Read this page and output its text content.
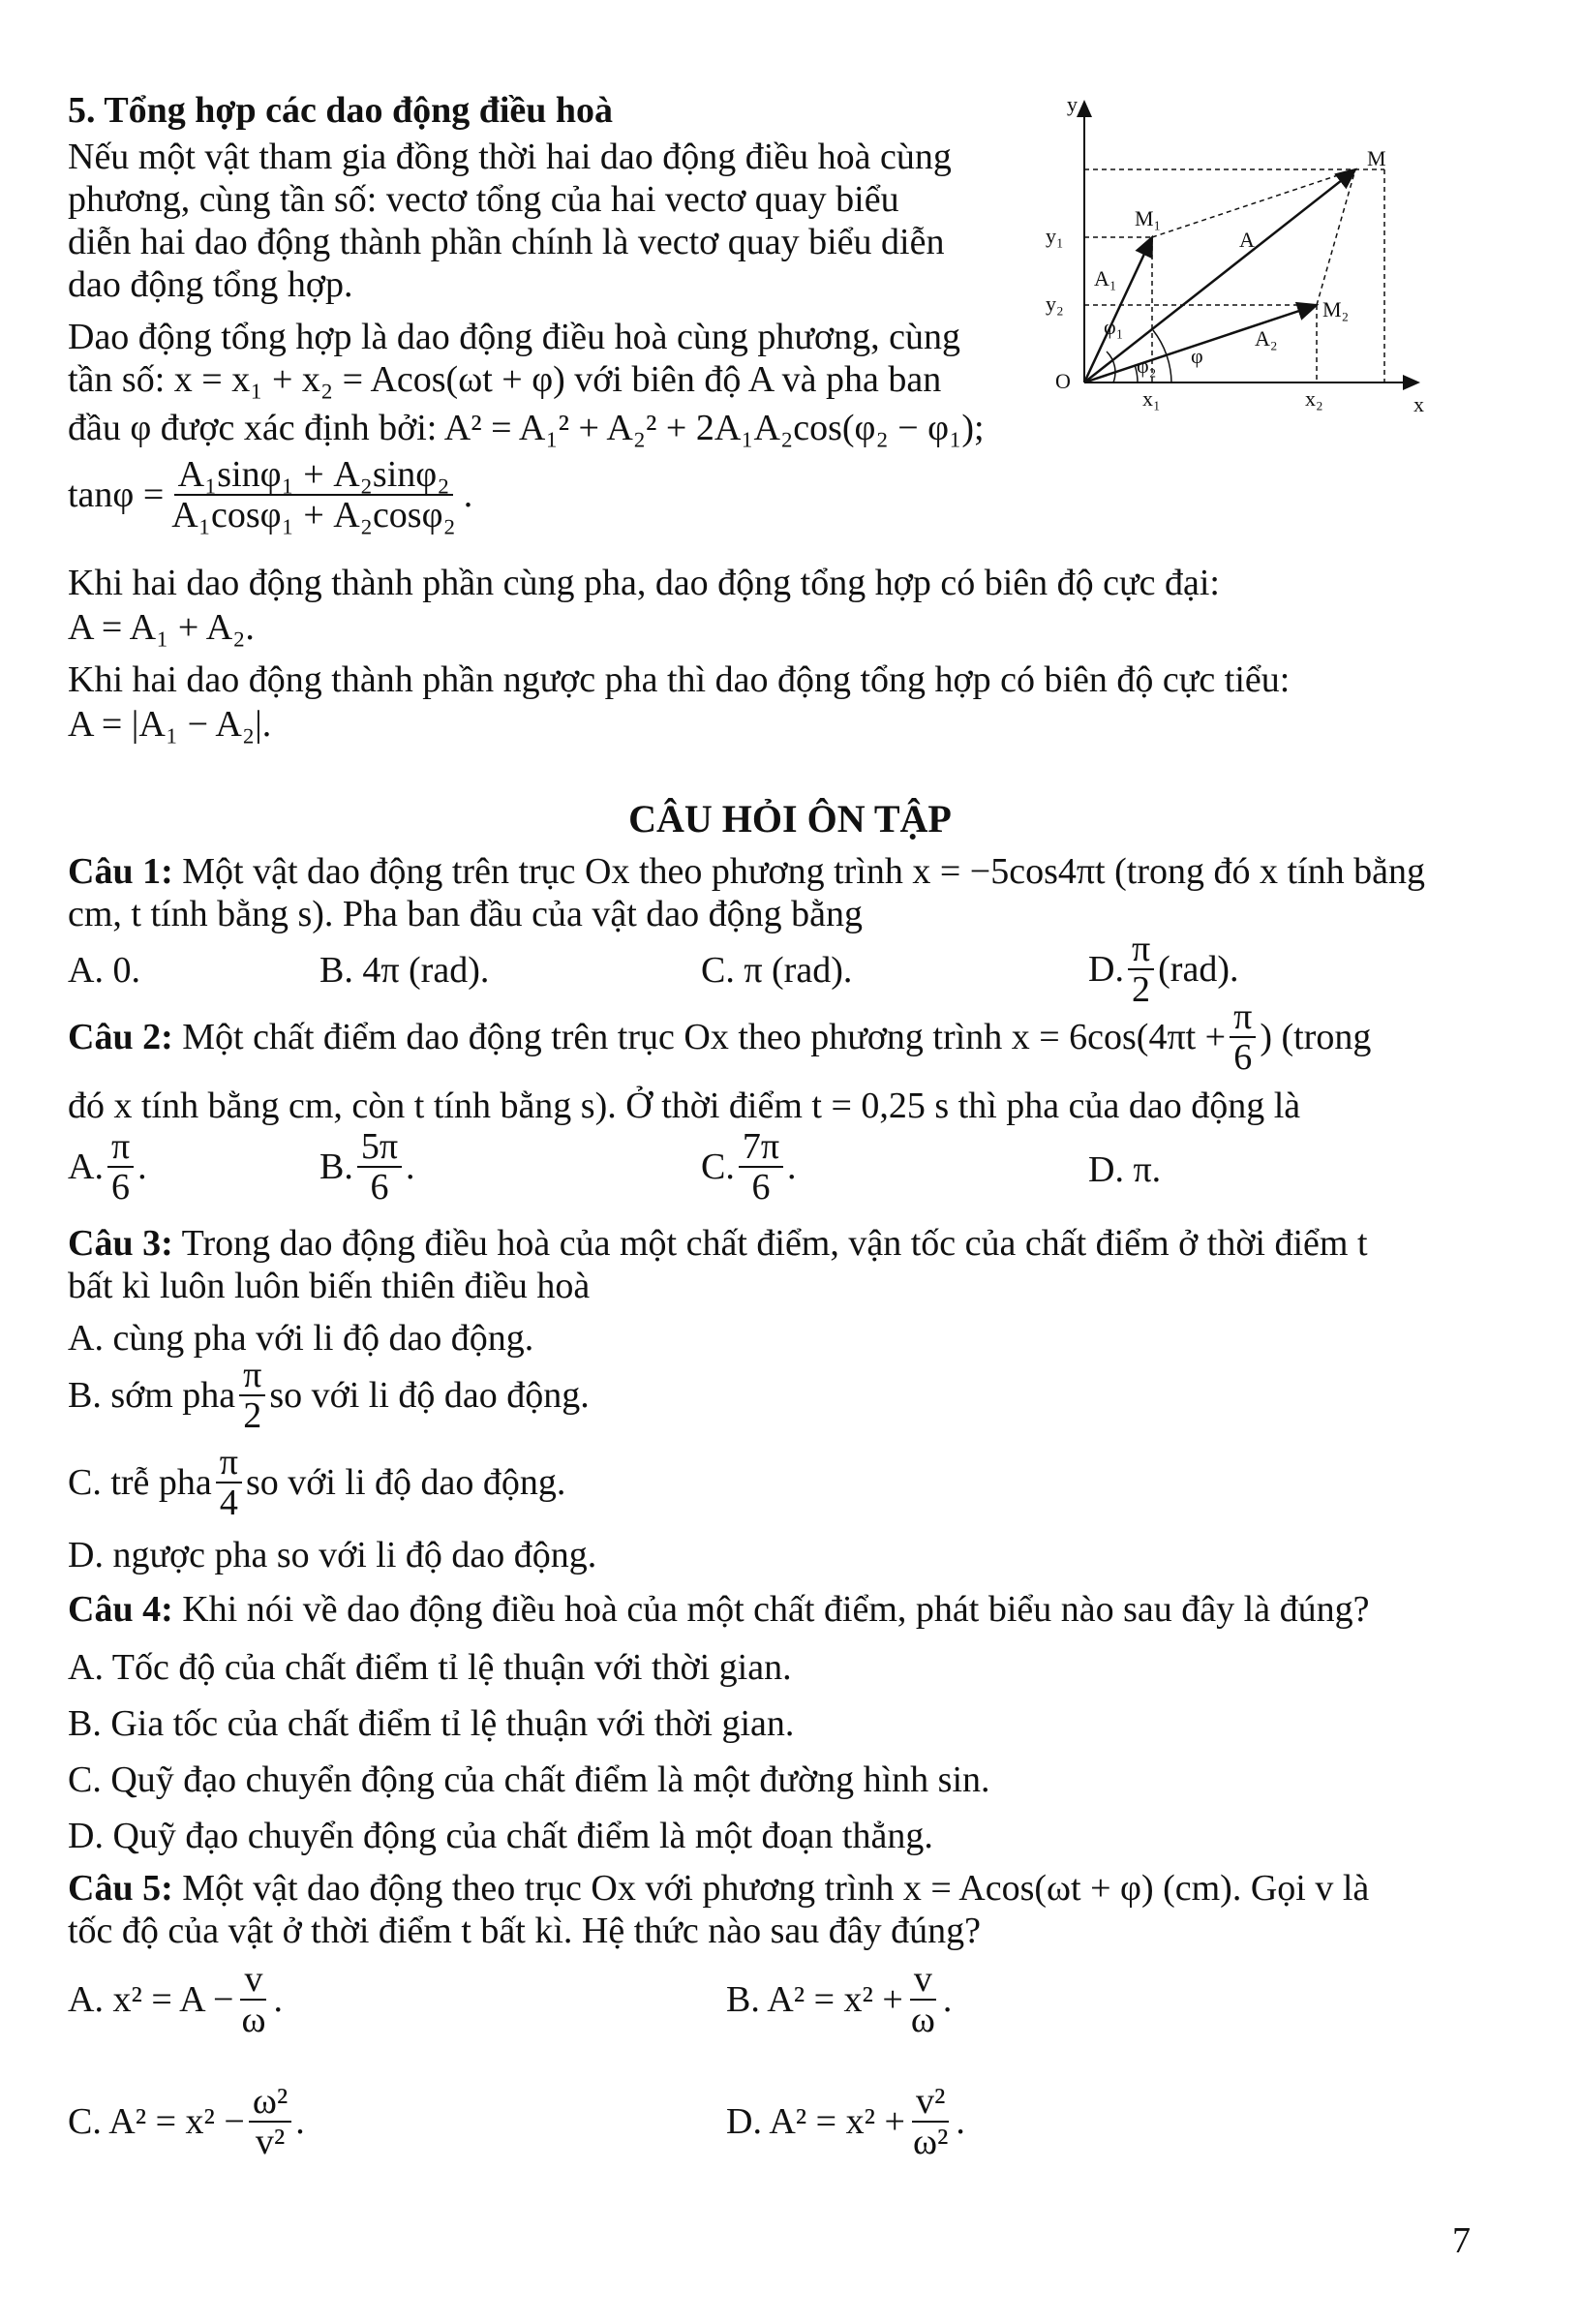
5. Tổng hợp các dao động điều hoà
Nếu một vật tham gia đồng thời hai dao động điều hoà cùng
phương, cùng tần số: vectơ tổng của hai vectơ quay biểu
diễn hai dao động thành phần chính là vectơ quay biểu diễn
dao động tổng hợp.
Dao động tổng hợp là dao động điều hoà cùng phương, cùng
tần số: x = x₁ + x₂ = Acos(ωt + φ) với biên độ A và pha ban
đầu φ được xác định bởi: A² = A₁² + A₂² + 2A₁A₂cos(φ₂ − φ₁);
$\tan\varphi = \frac{\text{A₁sinφ₁ + A₂sinφ₂}}{\text{A₁cosφ₁ + A₂cosφ₂}}$ .
Khi hai dao động thành phần cùng pha, dao động tổng hợp có biên độ cực đại:
A = A₁ + A₂.
Khi hai dao động thành phần ngược pha thì dao động tổng hợp có biên độ cực tiểu:
A = |A₁ − A₂|.
y
x
O
M
M₁
M₂
A
A₁
A₂
y₁
y₂
x₁	x₂
φ
φ₁
φ₂
CÂU HỎI ÔN TẬP
Câu 1: Một vật dao động trên trục Ox theo phương trình x = −5cos4πt (trong đó x tính bằng
cm, t tính bằng s). Pha ban đầu của vật dao động bằng
A. 0.	B. 4π (rad).	C. π (rad).	D. $\frac{\pi}{2} (rad)$.
Câu 2:
Một chất điểm dao động trên trục Ox theo phương trình $x = 6\cos(4\pi t + \frac{\pi}{6}$ ) (trong
đó x tính bằng cm, còn t tính bằng s). Ở thời điểm t = 0,25 s thì pha của dao động là
A. $\frac{\pi}{6}$ .	B. $\frac{5\pi}{6}$ .	C. $\frac{7\pi}{6}$ .	D. π.
Câu 3: Trong dao động điều hoà của một chất điểm, vận tốc của chất điểm ở thời điểm t
bất kì luôn luôn biến thiên điều hoà
A. cùng pha với li độ dao động.
B. sớm pha $\frac{\pi}{2}$ so với li độ dao động.
C. trễ pha $\frac{\pi}{4}$ so với li độ dao động.
D. ngược pha so với li độ dao động.
Câu 4: Khi nói về dao động điều hoà của một chất điểm, phát biểu nào sau đây là đúng?
A. Tốc độ của chất điểm tỉ lệ thuận với thời gian.
B. Gia tốc của chất điểm tỉ lệ thuận với thời gian.
C. Quỹ đạo chuyển động của chất điểm là một đường hình sin.
D. Quỹ đạo chuyển động của chất điểm là một đoạn thẳng.
Câu 5: Một vật dao động theo trục Ox với phương trình x = Acos(ωt + φ) (cm). Gọi v là
tốc độ của vật ở thời điểm t bất kì. Hệ thức nào sau đây đúng?
A. $x^2 = A - \frac{v}{\omega}$ .	B. $A^2 = x^2 + \frac{v}{\omega}$ .
C. $A^2 = x^2 - \frac{\text{ω²}}{\text{v²}}$ .	D. $A^2 = x^2 + \frac{\text{v²}}{\text{ω²}}$ .
7
